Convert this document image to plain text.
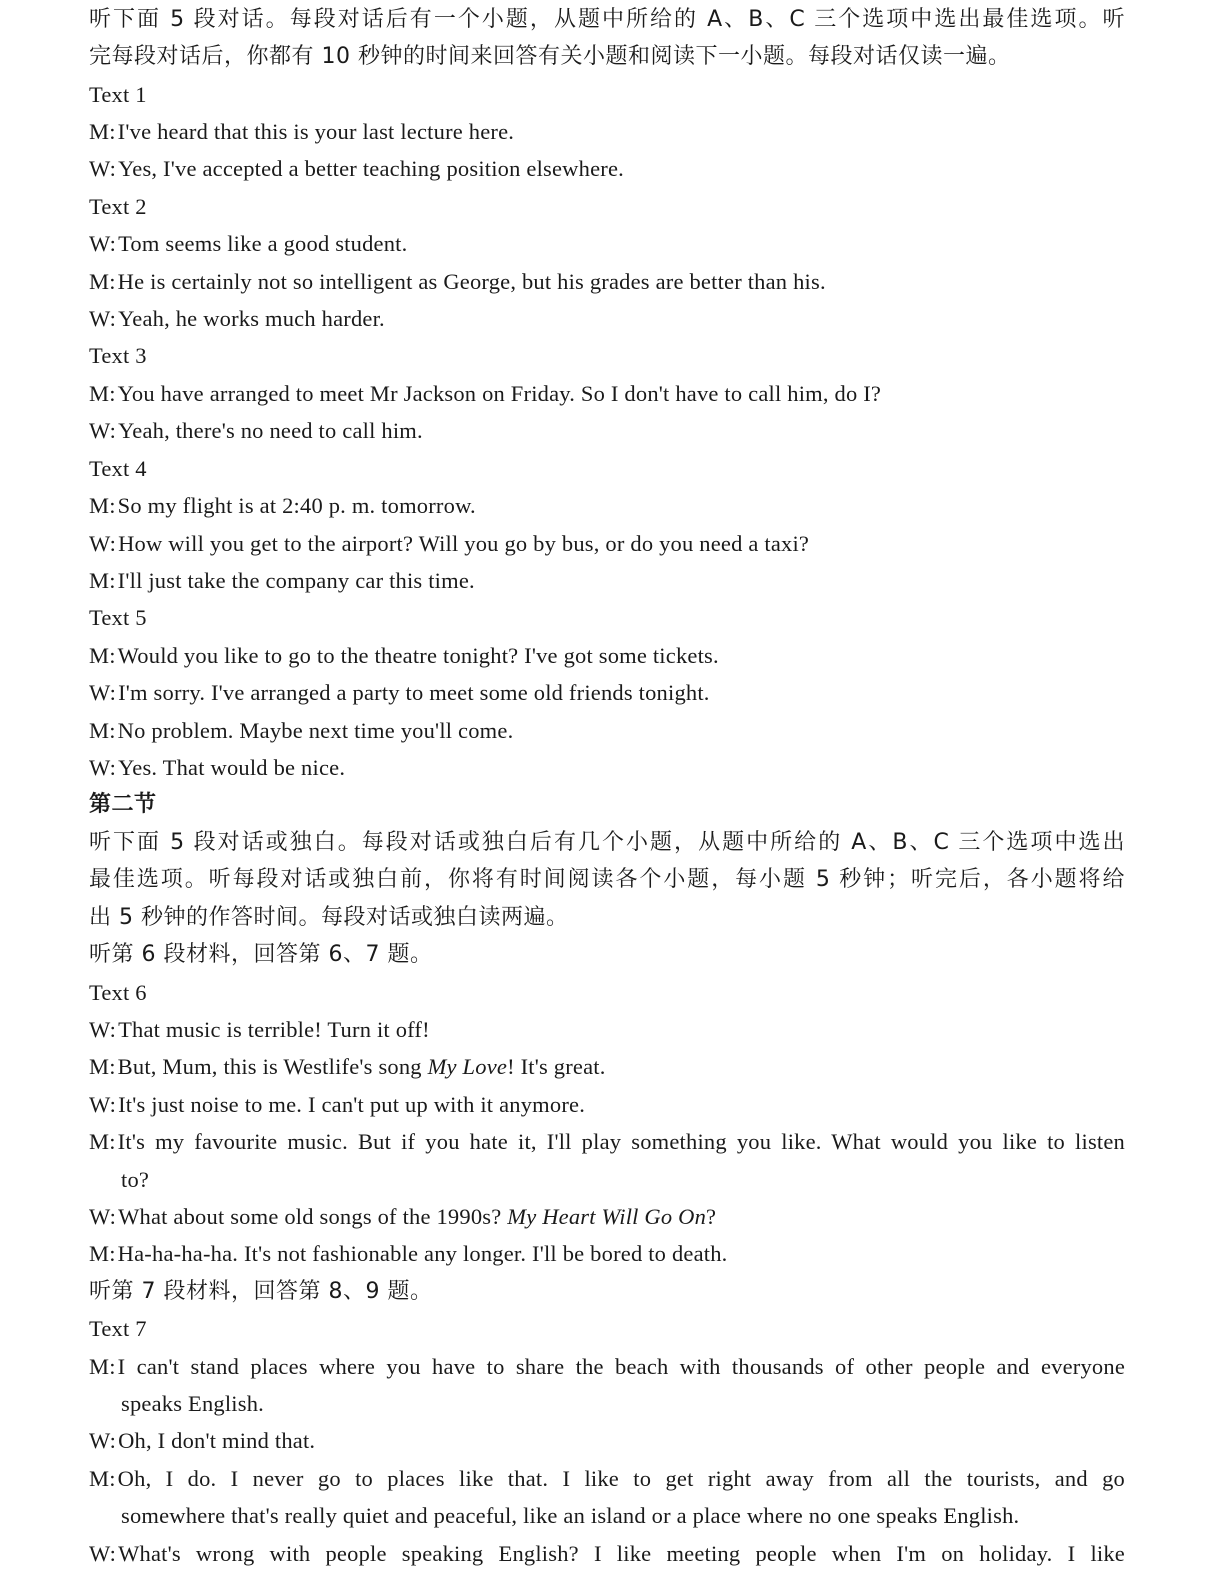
听下面 5 段对话。每段对话后有一个小题，从题中所给的 A、B、C 三个选项中选出最佳选项。听
完每段对话后，你都有 10 秒钟的时间来回答有关小题和阅读下一小题。每段对话仅读一遍。
Text 1
M:I've heard that this is your last lecture here.
W:Yes, I've accepted a better teaching position elsewhere.
Text 2
W:Tom seems like a good student.
M:He is certainly not so intelligent as George, but his grades are better than his.
W:Yeah, he works much harder.
Text 3
M:You have arranged to meet Mr Jackson on Friday. So I don't have to call him, do I?
W:Yeah, there's no need to call him.
Text 4
M:So my flight is at 2:40 p. m. tomorrow.
W:How will you get to the airport? Will you go by bus, or do you need a taxi?
M:I'll just take the company car this time.
Text 5
M:Would you like to go to the theatre tonight? I've got some tickets.
W:I'm sorry. I've arranged a party to meet some old friends tonight.
M:No problem. Maybe next time you'll come.
W:Yes. That would be nice.
第二节
听下面 5 段对话或独白。每段对话或独白后有几个小题，从题中所给的 A、B、C 三个选项中选出
最佳选项。听每段对话或独白前，你将有时间阅读各个小题，每小题 5 秒钟；听完后，各小题将给
出 5 秒钟的作答时间。每段对话或独白读两遍。
听第 6 段材料，回答第 6、7 题。
Text 6
W:That music is terrible! Turn it off!
M:But, Mum, this is Westlife's song My Love! It's great.
W:It's just noise to me. I can't put up with it anymore.
M:It's my favourite music. But if you hate it, I'll play something you like. What would you like to listen
to?
W:What about some old songs of the 1990s? My Heart Will Go On?
M:Ha-ha-ha-ha. It's not fashionable any longer. I'll be bored to death.
听第 7 段材料，回答第 8、9 题。
Text 7
M:I can't stand places where you have to share the beach with thousands of other people and everyone
speaks English.
W:Oh, I don't mind that.
M:Oh, I do. I never go to places like that. I like to get right away from all the tourists, and go
somewhere that's really quiet and peaceful, like an island or a place where no one speaks English.
W:What's wrong with people speaking English? I like meeting people when I'm on holiday. I like
